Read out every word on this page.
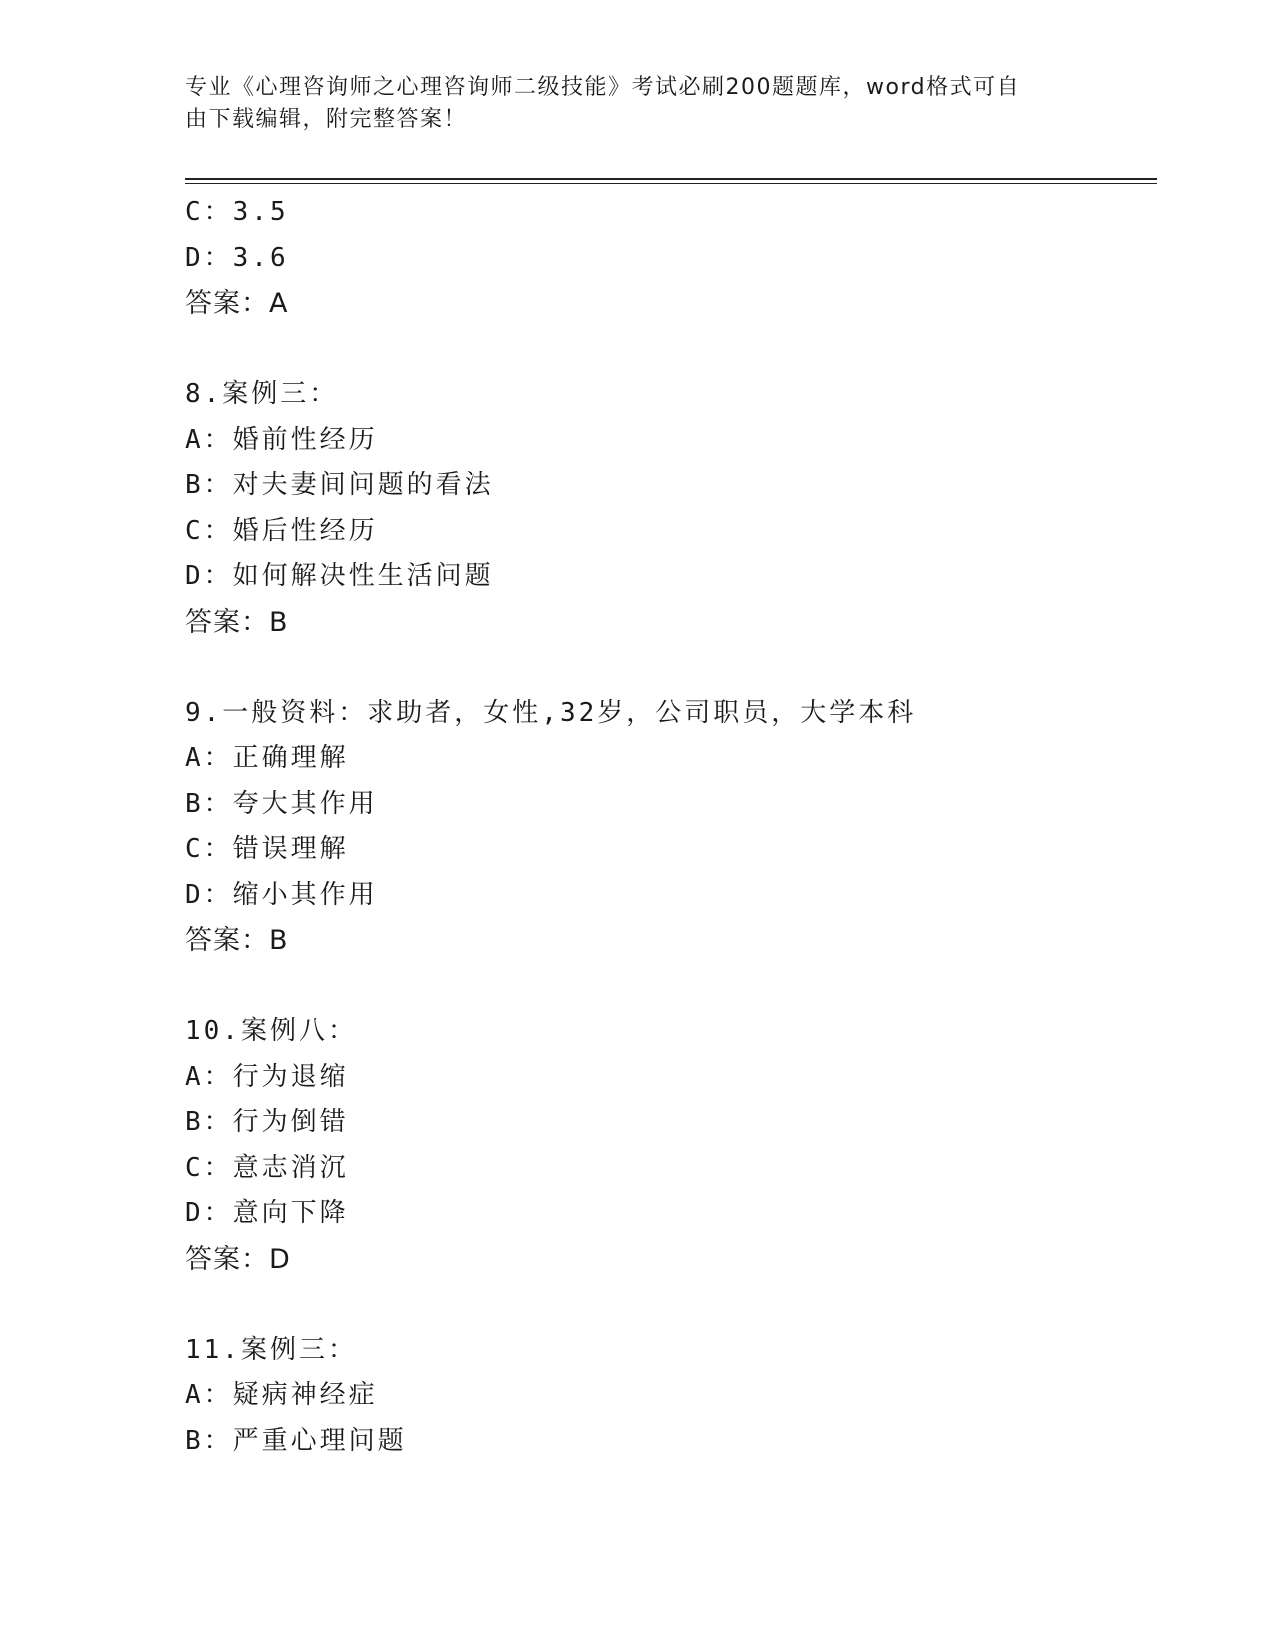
专业《心理咨询师之心理咨询师二级技能》考试必刷200题题库，word格式可自
由下载编辑，附完整答案！
C：3.5
D：3.6
答案：A
8.案例三：
A：婚前性经历
B：对夫妻间问题的看法
C：婚后性经历
D：如何解决性生活问题
答案：B
9.一般资料：求助者，女性,32岁，公司职员，大学本科
A：正确理解
B：夸大其作用
C：错误理解
D：缩小其作用
答案：B
10.案例八：
A：行为退缩
B：行为倒错
C：意志消沉
D：意向下降
答案：D
11.案例三：
A：疑病神经症
B：严重心理问题
